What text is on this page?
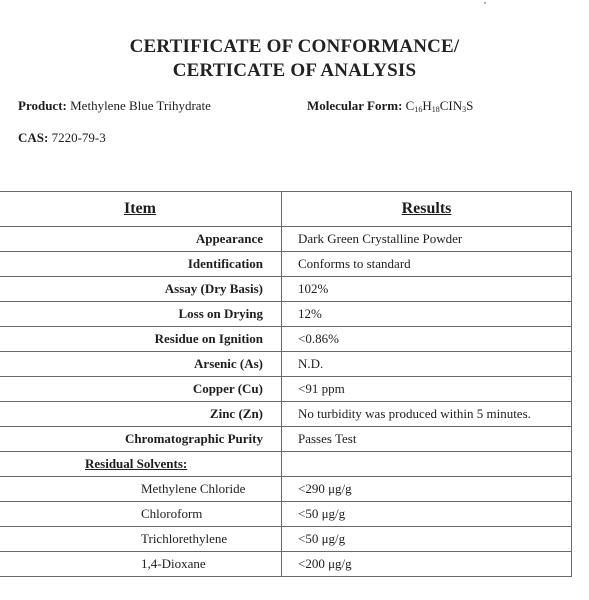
CERTIFICATE OF CONFORMANCE/
CERTICATE OF ANALYSIS
Product: Methylene Blue Trihydrate	Molecular Form: $C_{16}H_{18}CIN_3S$
CAS: 7220-79-3
Item	Results
Appearance	Dark Green Crystalline Powder
Identification	Conforms to standard
Assay (Dry Basis)	102%
Loss on Drying	12%
Residue on Ignition	<0.86%
Arsenic (As)	N.D.
Copper (Cu)	<91 ppm
Zinc (Zn)	No turbidity was produced within 5 minutes.
Chromatographic Purity	Passes Test
Residual Solvents:	
Methylene Chloride	<290 μg/g
Chloroform	<50 μg/g
Trichlorethylene	<50 μg/g
1,4-Dioxane	<200 μg/g
